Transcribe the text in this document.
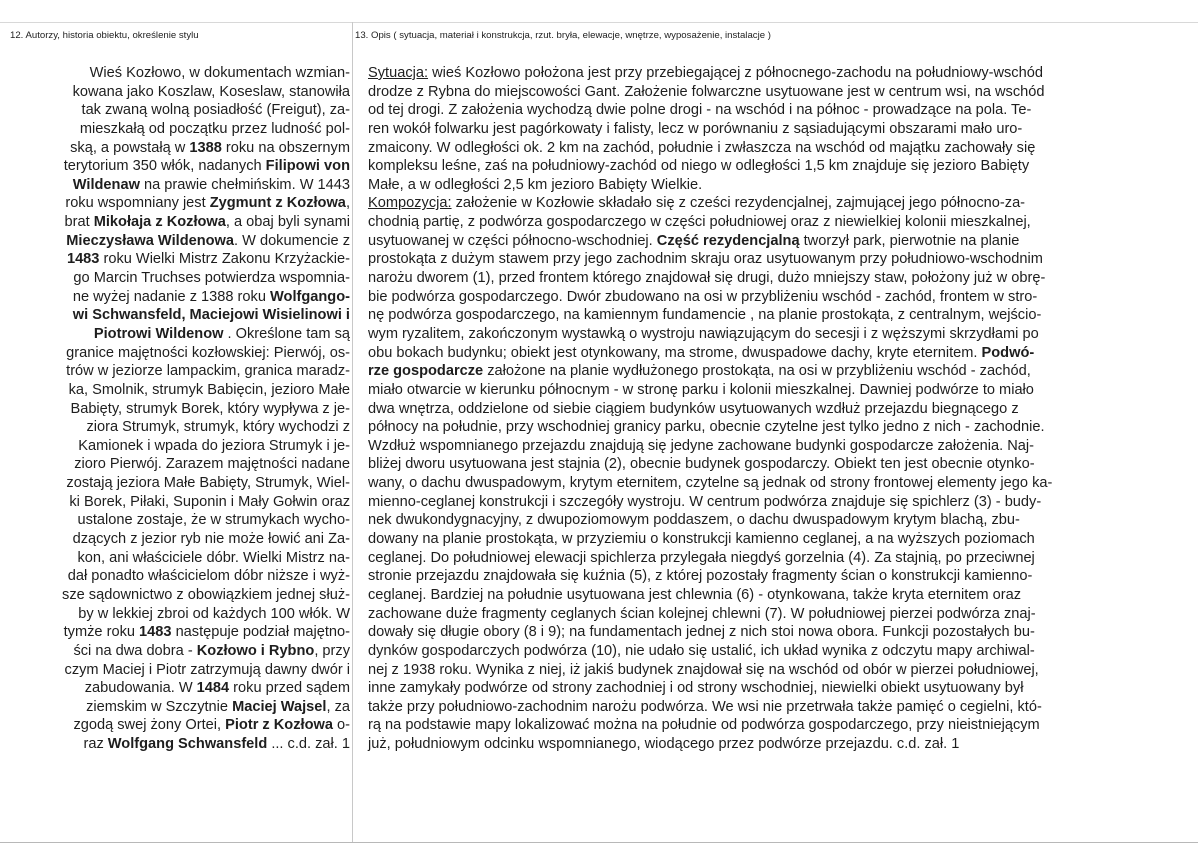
12. Autorzy, historia obiektu, określenie stylu	13. Opis ( sytuacja, materiał i konstrukcja, rzut. bryła, elewacje, wnętrze, wyposażenie, instalacje )
Wieś Kozłowo, w dokumentach wzmian-
kowana jako Koszlaw, Koseslaw, stanowiła
tak zwaną wolną posiadłość (Freigut), za-
mieszkałą od początku przez ludność pol-
ską, a powstałą w 1388 roku na obszernym
terytorium 350 włók, nadanych Filipowi von
Wildenaw na prawie chełmińskim. W 1443
roku wspomniany jest Zygmunt z Kozłowa,
brat Mikołaja z Kozłowa, a obaj byli synami
Mieczysława Wildenowa. W dokumencie z
1483 roku Wielki Mistrz Zakonu Krzyżackie-
go Marcin Truchses potwierdza wspomnia-
ne wyżej nadanie z 1388 roku Wolfgango-
wi Schwansfeld, Maciejowi Wisielinowi i
Piotrowi Wildenow . Określone tam są
granice majętności kozłowskiej: Pierwój, os-
trów w jeziorze lampackim, granica maradz-
ka, Smolnik, strumyk Babięcin, jezioro Małe
Babięty, strumyk Borek, który wypływa z je-
ziora Strumyk, strumyk, który wychodzi z
Kamionek i wpada do jeziora Strumyk i je-
zioro Pierwój. Zarazem majętności nadane
zostają jeziora Małe Babięty, Strumyk, Wiel-
ki Borek, Piłaki, Suponin i Mały Gołwin oraz
ustalone zostaje, że w strumykach wycho-
dzących z jezior ryb nie może łowić ani Za-
kon, ani właściciele dóbr. Wielki Mistrz na-
dał ponadto właścicielom dóbr niższe i wyż-
sze sądownictwo z obowiązkiem jednej służ-
by w lekkiej zbroi od każdych 100 włók. W
tymże roku 1483 następuje podział majętno-
ści na dwa dobra - Kozłowo i Rybno, przy
czym Maciej i Piotr zatrzymują dawny dwór i
zabudowania. W 1484 roku przed sądem
ziemskim w Szczytnie Maciej Wajsel, za
zgodą swej żony Ortei, Piotr z Kozłowa o-
raz Wolfgang Schwansfeld ... c.d. zał. 1
Sytuacja: wieś Kozłowo położona jest przy przebiegającej z północnego-zachodu na południowy-wschód
drodze z Rybna do miejscowości Gant. Założenie folwarczne usytuowane jest w centrum wsi, na wschód
od tej drogi. Z założenia wychodzą dwie polne drogi - na wschód i na północ - prowadzące na pola. Te-
ren wokół folwarku jest pagórkowaty i falisty, lecz w porównaniu z sąsiadującymi obszarami mało uro-
zmaicony. W odległości ok. 2 km na zachód, południe i zwłaszcza na wschód od majątku zachowały się
kompleksu leśne, zaś na południowy-zachód od niego w odległości 1,5 km znajduje się jezioro Babięty
Małe, a w odległości 2,5 km jezioro Babięty Wielkie.
Kompozycja: założenie w Kozłowie składało się z cześci rezydencjalnej, zajmującej jego północno-za-
chodnią partię, z podwórza gospodarczego w części południowej oraz z niewielkiej kolonii mieszkalnej,
usytuowanej w części północno-wschodniej. Część rezydencjalną tworzył park, pierwotnie na planie
prostokąta z dużym stawem przy jego zachodnim skraju oraz usytuowanym przy południowo-wschodnim
narożu dworem (1), przed frontem którego znajdował się drugi, dużo mniejszy staw, położony już w obrę-
bie podwórza gospodarczego. Dwór zbudowano na osi w przybliżeniu wschód - zachód, frontem w stro-
nę podwórza gospodarczego, na kamiennym fundamencie , na planie prostokąta, z centralnym, wejścio-
wym ryzalitem, zakończonym wystawką o wystroju nawiązującym do secesji i z węższymi skrzydłami po
obu bokach budynku; obiekt jest otynkowany, ma strome, dwuspadowe dachy, kryte eternitem. Podwó-
rze gospodarcze założone na planie wydłużonego prostokąta, na osi w przybliżeniu wschód - zachód,
miało otwarcie w kierunku północnym - w stronę parku i kolonii mieszkalnej. Dawniej podwórze to miało
dwa wnętrza, oddzielone od siebie ciągiem budynków usytuowanych wzdłuż przejazdu biegnącego z
północy na południe, przy wschodniej granicy parku, obecnie czytelne jest tylko jedno z nich - zachodnie.
Wzdłuż wspomnianego przejazdu znajdują się jedyne zachowane budynki gospodarcze założenia. Naj-
bliżej dworu usytuowana jest stajnia (2), obecnie budynek gospodarczy. Obiekt ten jest obecnie otynko-
wany, o dachu dwuspadowym, krytym eternitem, czytelne są jednak od strony frontowej elementy jego ka-
mienno-ceglanej konstrukcji i szczegóły wystroju. W centrum podwórza znajduje się spichlerz (3) - budy-
nek dwukondygnacyjny, z dwupoziomowym poddaszem, o dachu dwuspadowym krytym blachą, zbu-
dowany na planie prostokąta, w przyziemiu o konstrukcji kamienno ceglanej, a na wyższych poziomach
ceglanej. Do południowej elewacji spichlerza przylegała niegdyś gorzelnia (4). Za stajnią, po przeciwnej
stronie przejazdu znajdowała się kuźnia (5), z której pozostały fragmenty ścian o konstrukcji kamienno-
ceglanej. Bardziej na południe usytuowana jest chlewnia (6) - otynkowana, także kryta eternitem oraz
zachowane duże fragmenty ceglanych ścian kolejnej chlewni (7). W południowej pierzei podwórza znaj-
dowały się długie obory (8 i 9); na fundamentach jednej z nich stoi nowa obora. Funkcji pozostałych bu-
dynków gospodarczych podwórza (10), nie udało się ustalić, ich układ wynika z odczytu mapy archiwal-
nej z 1938 roku. Wynika z niej, iż jakiś budynek znajdował się na wschód od obór w pierzei południowej,
inne zamykały podwórze od strony zachodniej i od strony wschodniej, niewielki obiekt usytuowany był
także przy południowo-zachodnim narożu podwórza. We wsi nie przetrwała także pamięć o cegielni, któ-
rą na podstawie mapy lokalizować można na południe od podwórza gospodarczego, przy nieistniejącym
już, południowym odcinku wspomnianego, wiodącego przez podwórze przejazdu. c.d. zał. 1
